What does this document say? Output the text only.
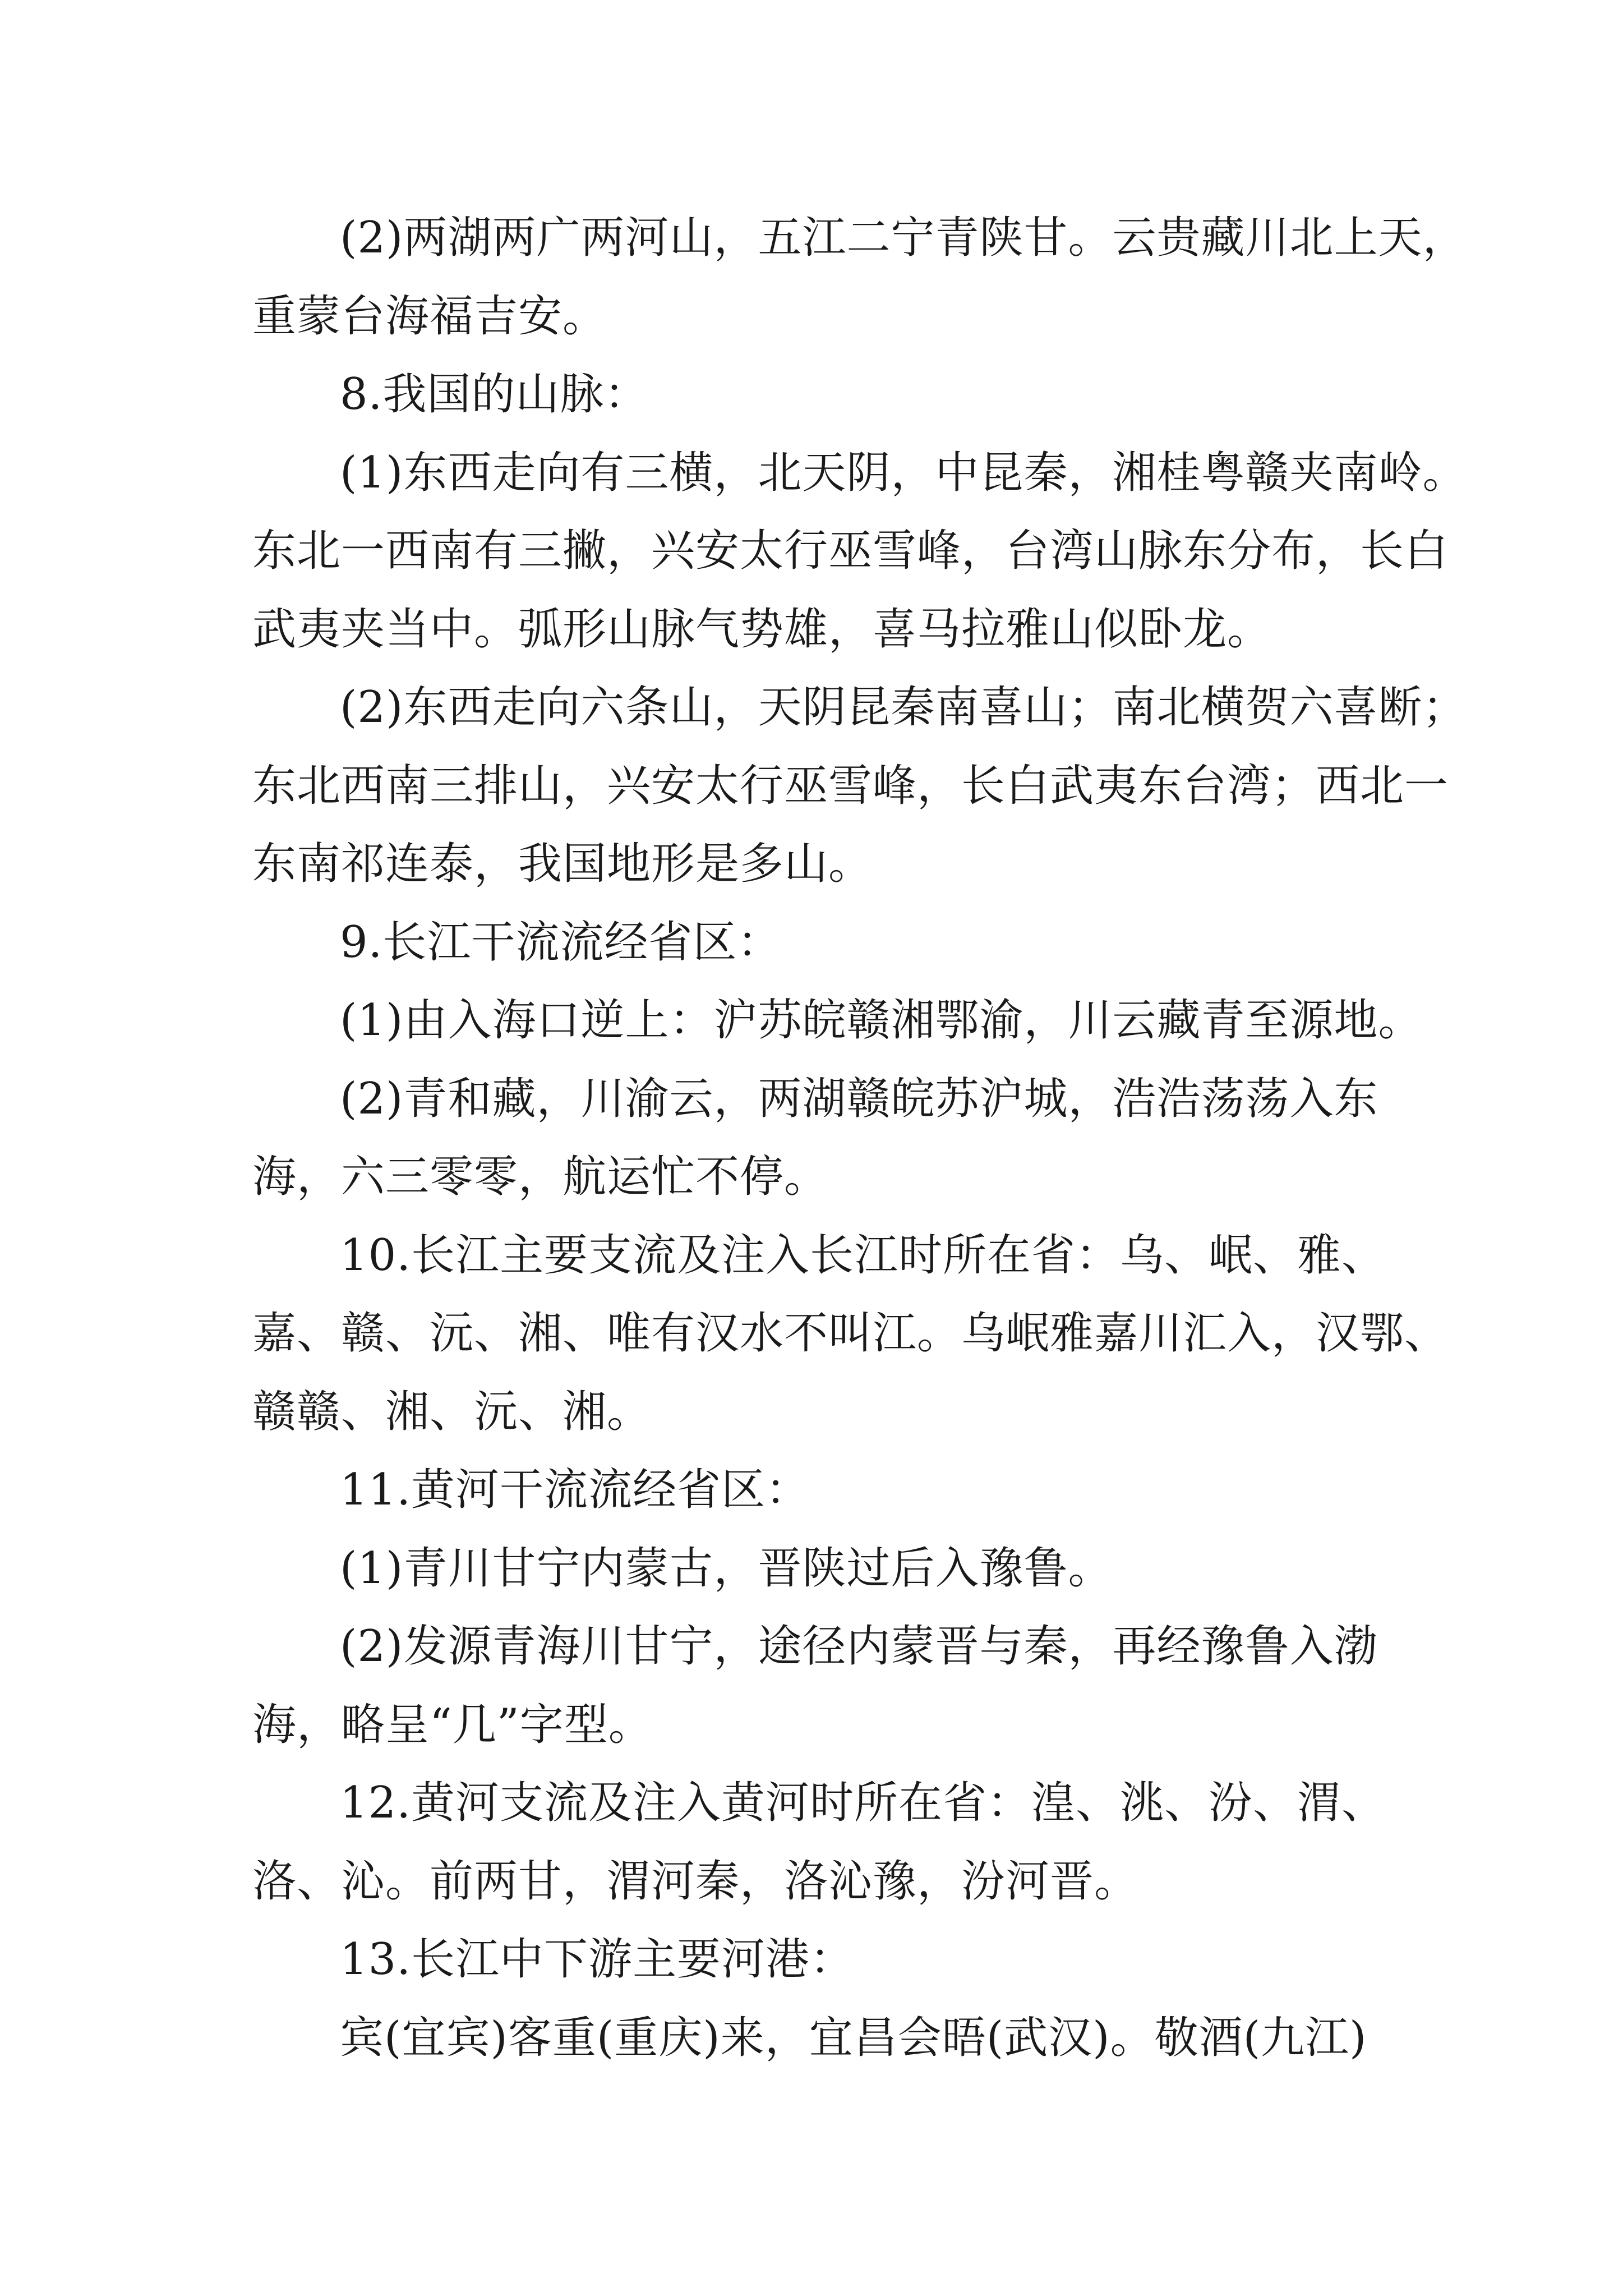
(2)两湖两广两河山，五江二宁青陕甘。云贵藏川北上天，
重蒙台海福吉安。
8.我国的山脉：
(1)东西走向有三横，北天阴，中昆秦，湘桂粤赣夹南岭。
东北一西南有三撇，兴安太行巫雪峰，台湾山脉东分布，长白
武夷夹当中。弧形山脉气势雄，喜马拉雅山似卧龙。
(2)东西走向六条山，天阴昆秦南喜山；南北横贺六喜断；
东北西南三排山，兴安太行巫雪峰，长白武夷东台湾；西北一
东南祁连泰，我国地形是多山。
9.长江干流流经省区：
(1)由入海口逆上：沪苏皖赣湘鄂渝，川云藏青至源地。
(2)青和藏，川渝云，两湖赣皖苏沪城，浩浩荡荡入东
海，六三零零，航运忙不停。
10.长江主要支流及注入长江时所在省：乌、岷、雅、
嘉、赣、沅、湘、唯有汉水不叫江。乌岷雅嘉川汇入，汉鄂、
赣赣、湘、沅、湘。
11.黄河干流流经省区：
(1)青川甘宁内蒙古，晋陕过后入豫鲁。
(2)发源青海川甘宁，途径内蒙晋与秦，再经豫鲁入渤
海，略呈“几”字型。
12.黄河支流及注入黄河时所在省：湟、洮、汾、渭、
洛、沁。前两甘，渭河秦，洛沁豫，汾河晋。
13.长江中下游主要河港：
宾(宜宾)客重(重庆)来，宜昌会晤(武汉)。敬酒(九江)
